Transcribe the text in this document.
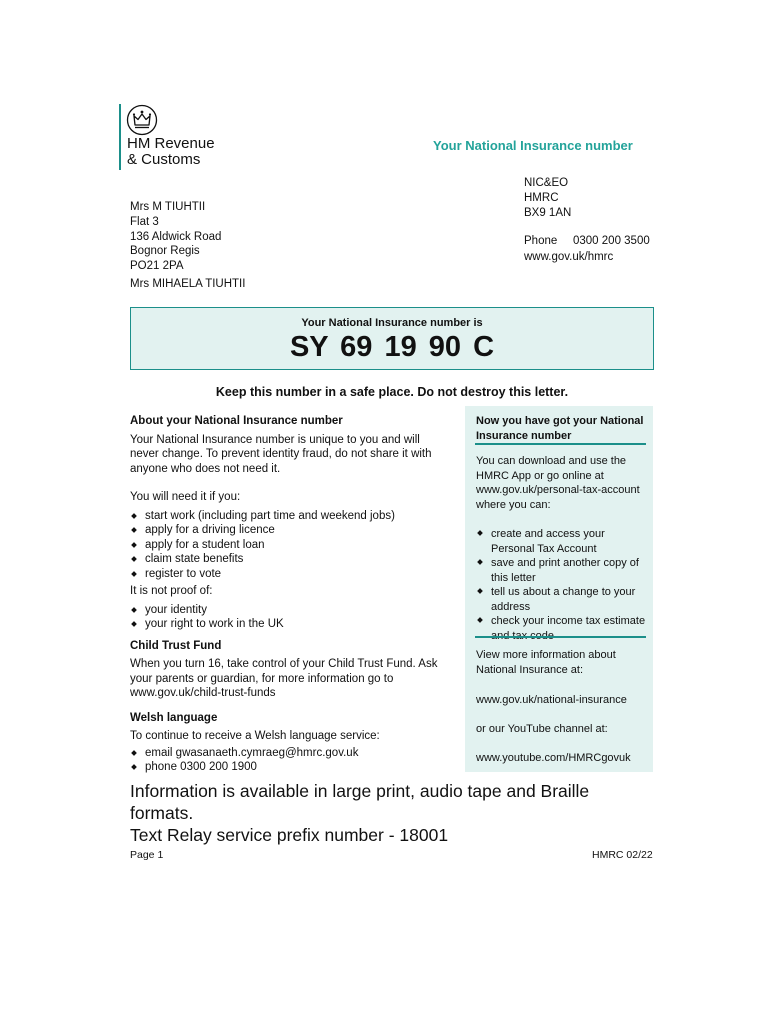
HM Revenue
& Customs
Your National Insurance number
NIC&EO
HMRC
BX9 1AN
Phone 0300 200 3500
www.gov.uk/hmrc
Mrs M TIUHTII
Flat 3
136 Aldwick Road
Bognor Regis
PO21 2PA
Mrs MIHAELA TIUHTII
Your National Insurance number is
SY 69 19 90 C
Keep this number in a safe place. Do not destroy this letter.
About your National Insurance number

Your National Insurance number is unique to you and will never change. To prevent identity fraud, do not share it with anyone who does not need it.

You will need it if you:

start work (including part time and weekend jobs)
apply for a driving licence
apply for a student loan
claim state benefits
register to vote

It is not proof of:

your identity
your right to work in the UK
Child Trust Fund

When you turn 16, take control of your Child Trust Fund. Ask your parents or guardian, for more information go to www.gov.uk/child-trust-funds

Welsh language

To continue to receive a Welsh language service:

email gwasanaeth.cymraeg@hmrc.gov.uk
phone 0300 200 1900
Now you have got your National Insurance number
You can download and use the HMRC App or go online at www.gov.uk/personal-tax-account where you can:
create and access your Personal Tax Account
save and print another copy of this letter
tell us about a change to your address
check your income tax estimate
View more information about National Insurance at:
www.gov.uk/national-insurance
or our YouTube channel at:
www.youtube.com/HMRCgovuk
Information is available in large print, audio tape and Braille formats.
Text Relay service prefix number - 18001
Page 1	HMRC 02/22
